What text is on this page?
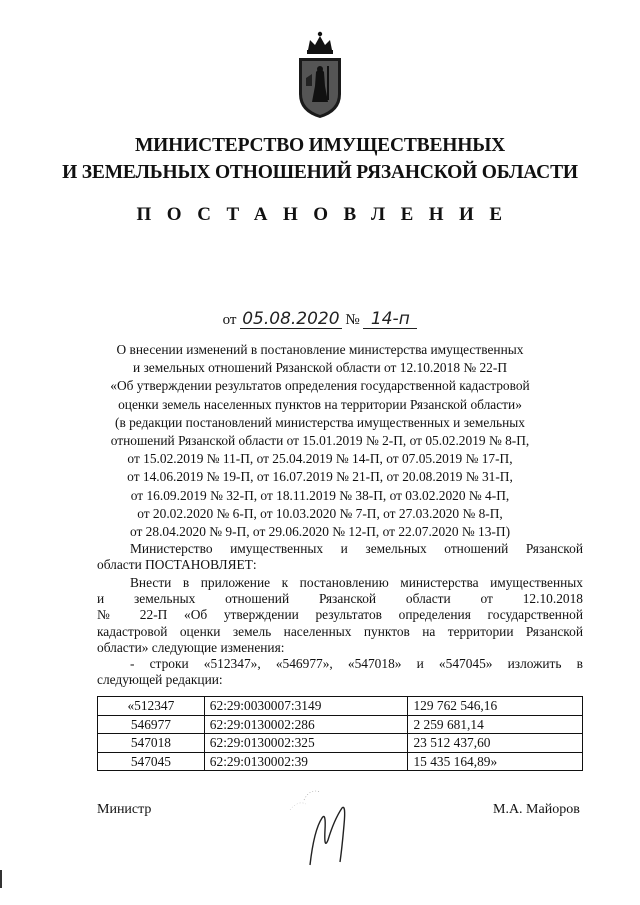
МИНИСТЕРСТВО ИМУЩЕСТВЕННЫХ
И ЗЕМЕЛЬНЫХ ОТНОШЕНИЙ РЯЗАНСКОЙ ОБЛАСТИ
ПОСТАНОВЛЕНИЕ
от 05.08.2020 № 14-п
О внесении изменений в постановление министерства имущественных
и земельных отношений Рязанской области от 12.10.2018 № 22-П
«Об утверждении результатов определения государственной кадастровой
оценки земель населенных пунктов на территории Рязанской области»
(в редакции постановлений министерства имущественных и земельных
отношений Рязанской области от 15.01.2019 № 2-П, от 05.02.2019 № 8-П,
от 15.02.2019 № 11-П, от 25.04.2019 № 14-П, от 07.05.2019 № 17-П,
от 14.06.2019 № 19-П, от 16.07.2019 № 21-П, от 20.08.2019 № 31-П,
от 16.09.2019 № 32-П, от 18.11.2019 № 38-П, от 03.02.2020 № 4-П,
от 20.02.2020 № 6-П, от 10.03.2020 № 7-П, от 27.03.2020 № 8-П,
от 28.04.2020 № 9-П, от 29.06.2020 № 12-П, от 22.07.2020 № 13-П)
Министерство имущественных и земельных отношений Рязанской
области ПОСТАНОВЛЯЕТ:
Внести в приложение к постановлению министерства имущественных
и земельных отношений Рязанской области от 12.10.2018
№ 22-П «Об утверждении результатов определения государственной
кадастровой оценки земель населенных пунктов на территории Рязанской
области» следующие изменения:
- строки «512347», «546977», «547018» и «547045» изложить в
следующей редакции:
«512347	62:29:0030007:3149	129 762 546,16
546977	62:29:0130002:286	2 259 681,14
547018	62:29:0130002:325	23 512 437,60
547045	62:29:0130002:39	15 435 164,89»
Министр	М.А. Майоров
